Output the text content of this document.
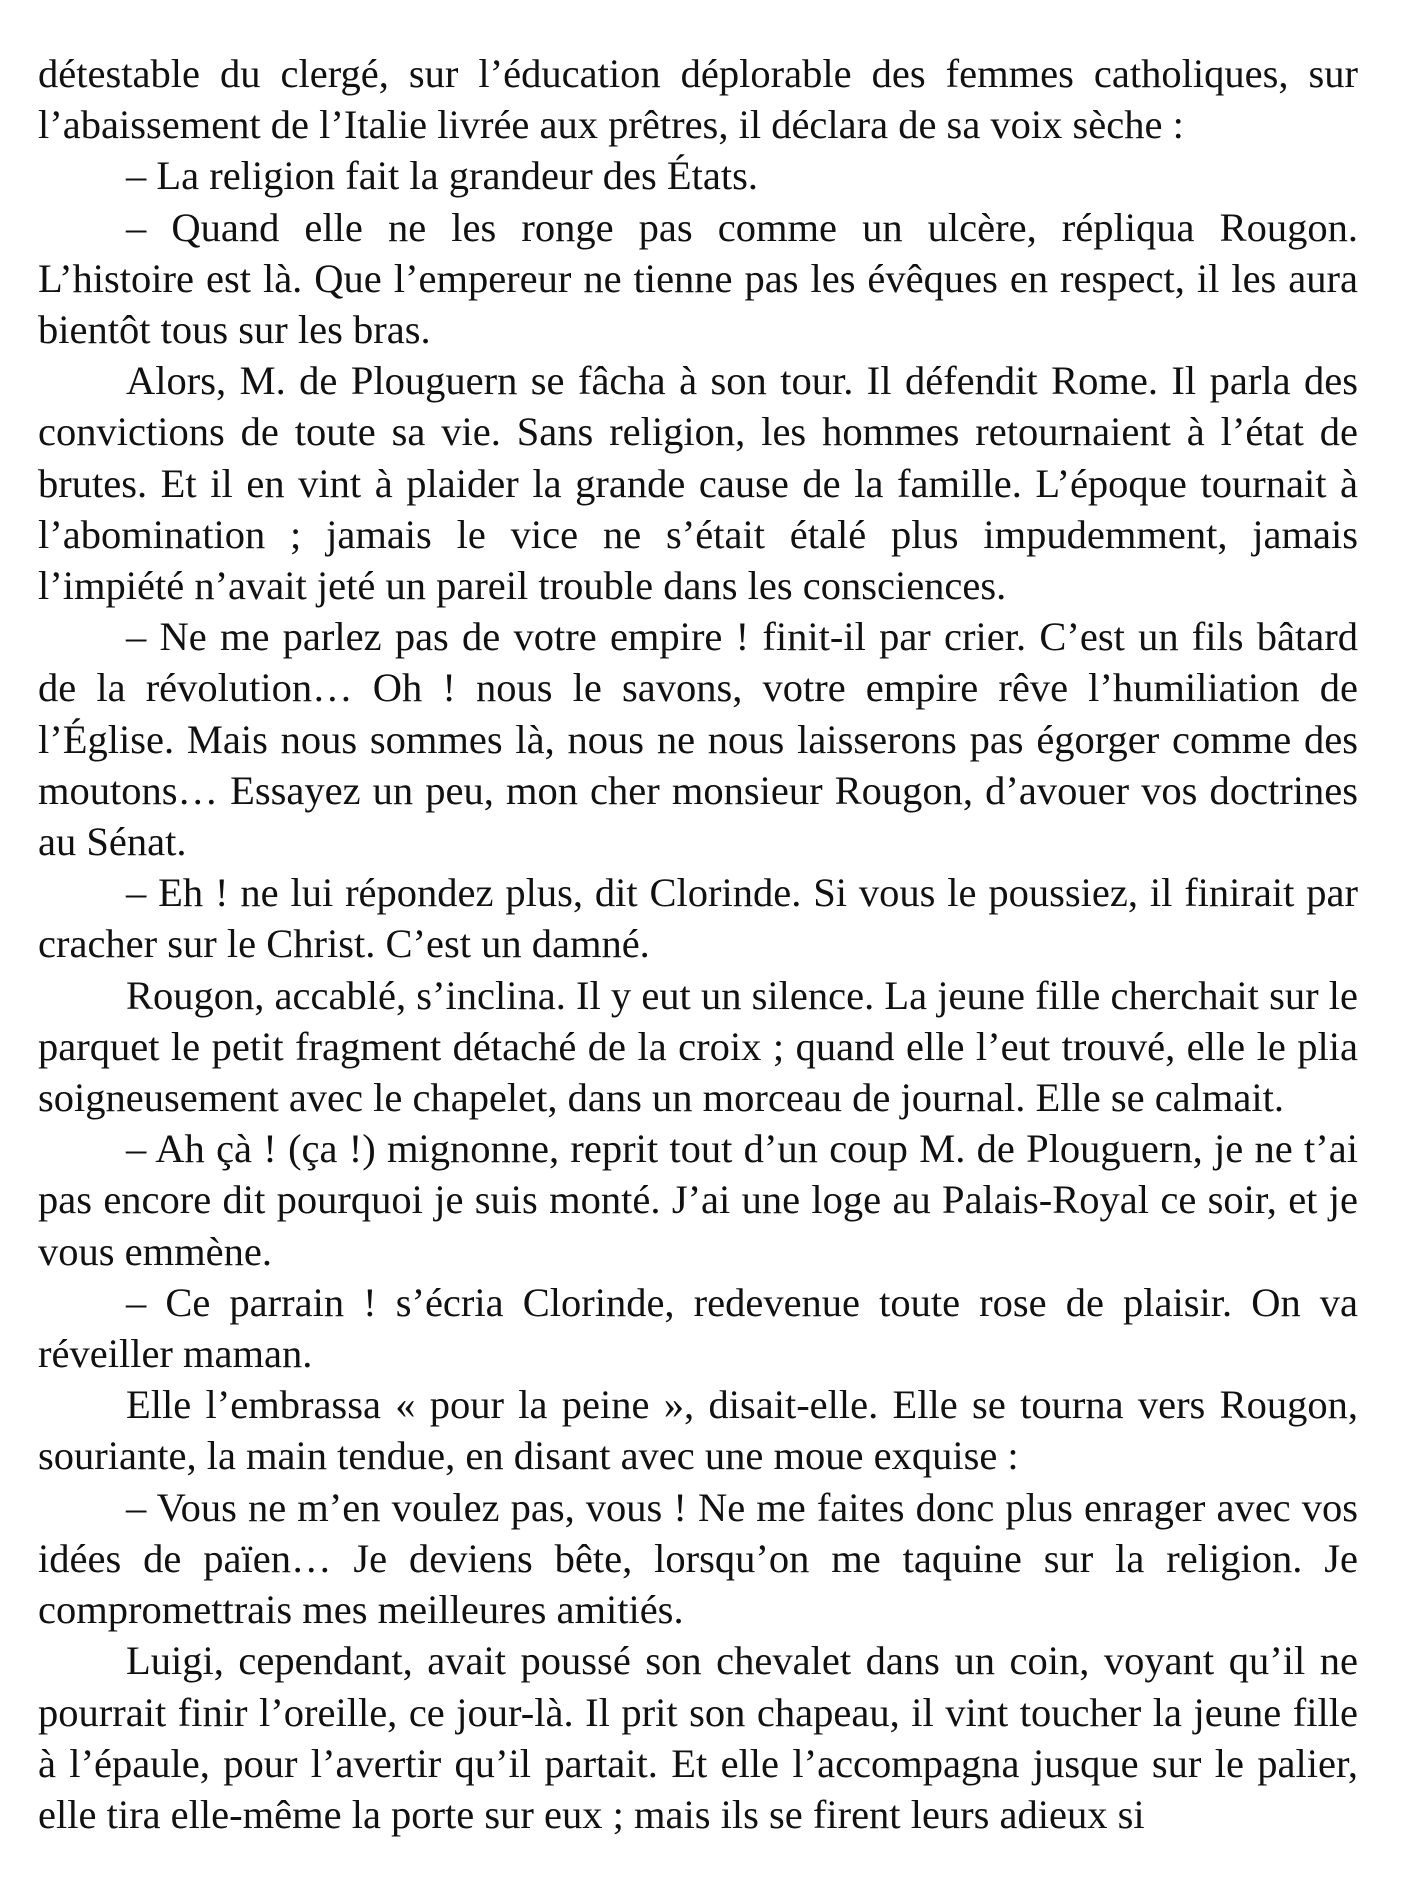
détestable du clergé, sur l’éducation déplorable des femmes catholiques, sur l’abaissement de l’Italie livrée aux prêtres, il déclara de sa voix sèche :

– La religion fait la grandeur des États.

– Quand elle ne les ronge pas comme un ulcère, répliqua Rougon. L’histoire est là. Que l’empereur ne tienne pas les évêques en respect, il les aura bientôt tous sur les bras.

Alors, M. de Plouguern se fâcha à son tour. Il défendit Rome. Il parla des convictions de toute sa vie. Sans religion, les hommes retournaient à l’état de brutes. Et il en vint à plaider la grande cause de la famille. L’époque tournait à l’abomination ; jamais le vice ne s’était étalé plus impudemment, jamais l’impiété n’avait jeté un pareil trouble dans les consciences.

– Ne me parlez pas de votre empire ! finit-il par crier. C’est un fils bâtard de la révolution… Oh ! nous le savons, votre empire rêve l’humiliation de l’Église. Mais nous sommes là, nous ne nous laisserons pas égorger comme des moutons… Essayez un peu, mon cher monsieur Rougon, d’avouer vos doctrines au Sénat.

– Eh ! ne lui répondez plus, dit Clorinde. Si vous le poussiez, il finirait par cracher sur le Christ. C’est un damné.

Rougon, accablé, s’inclina. Il y eut un silence. La jeune fille cherchait sur le parquet le petit fragment détaché de la croix ; quand elle l’eut trouvé, elle le plia soigneusement avec le chapelet, dans un morceau de journal. Elle se calmait.

– Ah çà ! (ça !) mignonne, reprit tout d’un coup M. de Plouguern, je ne t’ai pas encore dit pourquoi je suis monté. J’ai une loge au Palais-Royal ce soir, et je vous emmène.

– Ce parrain ! s’écria Clorinde, redevenue toute rose de plaisir. On va réveiller maman.

Elle l’embrassa « pour la peine », disait-elle. Elle se tourna vers Rougon, souriante, la main tendue, en disant avec une moue exquise :

– Vous ne m’en voulez pas, vous ! Ne me faites donc plus enrager avec vos idées de païen… Je deviens bête, lorsqu’on me taquine sur la religion. Je compromettrais mes meilleures amitiés.

Luigi, cependant, avait poussé son chevalet dans un coin, voyant qu’il ne pourrait finir l’oreille, ce jour-là. Il prit son chapeau, il vint toucher la jeune fille à l’épaule, pour l’avertir qu’il partait. Et elle l’accompagna jusque sur le palier, elle tira elle-même la porte sur eux ; mais ils se firent leurs adieux si
